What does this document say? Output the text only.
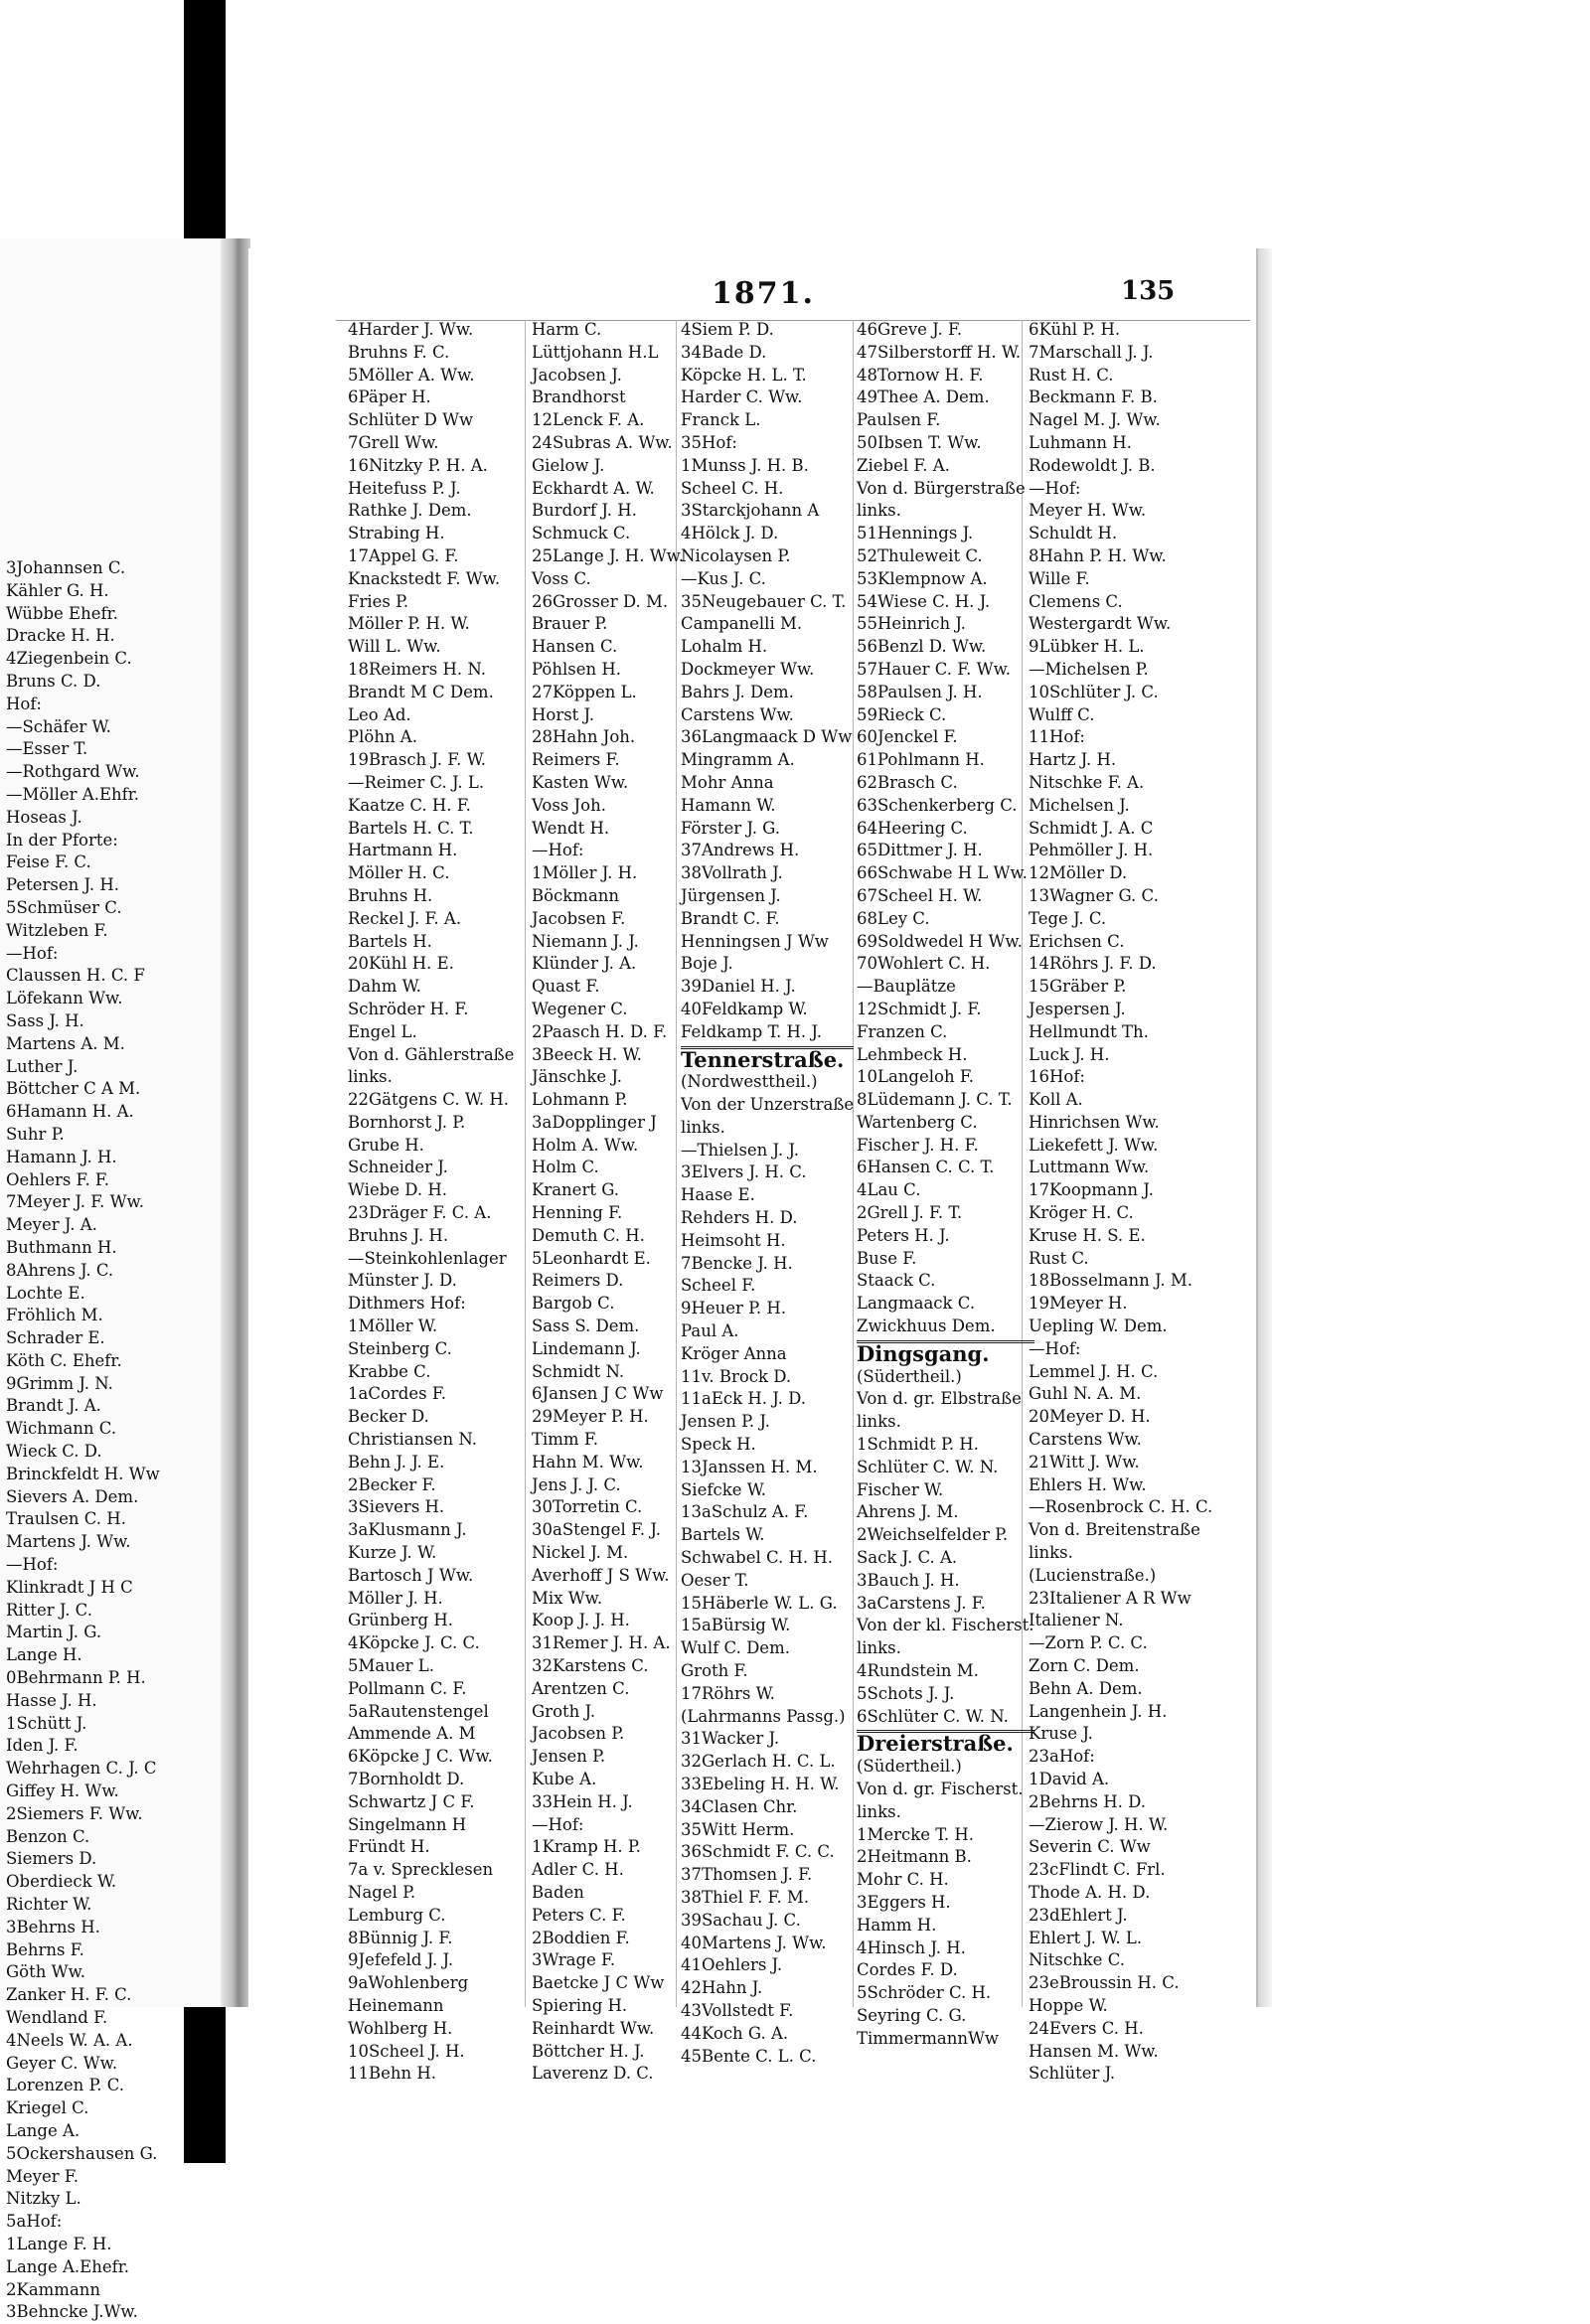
3Johannsen C.
Kähler G. H.
Wübbe Ehefr.
Dracke H. H.
4Ziegenbein C.
Bruns C. D.
Hof:
—Schäfer W.
—Esser T.
—Rothgard Ww.
—Möller A.Ehfr.
Hoseas J.
In der Pforte:
Feise F. C.
Petersen J. H.
5Schmüser C.
Witzleben F.
—Hof:
Claussen H. C. F
Löfekann Ww.
Sass J. H.
Martens A. M.
Luther J.
Böttcher C A M.
6Hamann H. A.
Suhr P.
Hamann J. H.
Oehlers F. F.
7Meyer J. F. Ww.
Meyer J. A.
Buthmann H.
8Ahrens J. C.
Lochte E.
Fröhlich M.
Schrader E.
Köth C. Ehefr.
9Grimm J. N.
Brandt J. A.
Wichmann C.
Wieck C. D.
Brinckfeldt H. Ww
Sievers A. Dem.
Traulsen C. H.
Martens J. Ww.
—Hof:
Klinkradt J H C
Ritter J. C.
Martin J. G.
Lange H.
0Behrmann P. H.
Hasse J. H.
1Schütt J.
Iden J. F.
Wehrhagen C. J. C
Giffey H. Ww.
2Siemers F. Ww.
Benzon C.
Siemers D.
Oberdieck W.
Richter W.
3Behrns H.
Behrns F.
Göth Ww.
Zanker H. F. C.
Wendland F.
4Neels W. A. A.
Geyer C. Ww.
Lorenzen P. C.
Kriegel C.
Lange A.
5Ockershausen G.
Meyer F.
Nitzky L.
5aHof:
1Lange F. H.
Lange A.Ehefr.
2Kammann
3Behncke J.Ww.
1871.	135
4Harder J. Ww.
Bruhns F. C.
5Möller A. Ww.
6Päper H.
Schlüter D Ww
7Grell Ww.
16Nitzky P. H. A.
Heitefuss P. J.
Rathke J. Dem.
Strabing H.
17Appel G. F.
Knackstedt F. Ww.
Fries P.
Möller P. H. W.
Will L. Ww.
18Reimers H. N.
Brandt M C Dem.
Leo Ad.
Plöhn A.
19Brasch J. F. W.
—Reimer C. J. L.
Kaatze C. H. F.
Bartels H. C. T.
Hartmann H.
Möller H. C.
Bruhns H.
Reckel J. F. A.
Bartels H.
20Kühl H. E.
Dahm W.
Schröder H. F.
Engel L.
Von d. Gählerstraße
links.
22Gätgens C. W. H.
Bornhorst J. P.
Grube H.
Schneider J.
Wiebe D. H.
23Dräger F. C. A.
Bruhns J. H.
—Steinkohlenlager
Münster J. D.
Dithmers Hof:
1Möller W.
Steinberg C.
Krabbe C.
1aCordes F.
Becker D.
Christiansen N.
Behn J. J. E.
2Becker F.
3Sievers H.
3aKlusmann J.
Kurze J. W.
Bartosch J Ww.
Möller J. H.
Grünberg H.
4Köpcke J. C. C.
5Mauer L.
Pollmann C. F.
5aRautenstengel
Ammende A. M
6Köpcke J C. Ww.
7Bornholdt D.
Schwartz J C F.
Singelmann H
Fründt H.
7a v. Sprecklesen
Nagel P.
Lemburg C.
8Bünnig J. F.
9Jefefeld J. J.
9aWohlenberg
Heinemann
Wohlberg H.
10Scheel J. H.
11Behn H.
Harm C.
Lüttjohann H.L
Jacobsen J.
Brandhorst
12Lenck F. A.
24Subras A. Ww.
Gielow J.
Eckhardt A. W.
Burdorf J. H.
Schmuck C.
25Lange J. H. Ww.
Voss C.
26Grosser D. M.
Brauer P.
Hansen C.
Pöhlsen H.
27Köppen L.
Horst J.
28Hahn Joh.
Reimers F.
Kasten Ww.
Voss Joh.
Wendt H.
—Hof:
1Möller J. H.
Böckmann
Jacobsen F.
Niemann J. J.
Klünder J. A.
Quast F.
Wegener C.
2Paasch H. D. F.
3Beeck H. W.
Jänschke J.
Lohmann P.
3aDopplinger J
Holm A. Ww.
Holm C.
Kranert G.
Henning F.
Demuth C. H.
5Leonhardt E.
Reimers D.
Bargob C.
Sass S. Dem.
Lindemann J.
Schmidt N.
6Jansen J C Ww
29Meyer P. H.
Timm F.
Hahn M. Ww.
Jens J. J. C.
30Torretin C.
30aStengel F. J.
Nickel J. M.
Averhoff J S Ww.
Mix Ww.
Koop J. J. H.
31Remer J. H. A.
32Karstens C.
Arentzen C.
Groth J.
Jacobsen P.
Jensen P.
Kube A.
33Hein H. J.
—Hof:
1Kramp H. P.
Adler C. H.
Baden
Peters C. F.
2Boddien F.
3Wrage F.
Baetcke J C Ww
Spiering H.
Reinhardt Ww.
Böttcher H. J.
Laverenz D. C.
4Siem P. D.
34Bade D.
Köpcke H. L. T.
Harder C. Ww.
Franck L.
35Hof:
1Munss J. H. B.
Scheel C. H.
3Starckjohann A
4Hölck J. D.
Nicolaysen P.
—Kus J. C.
35Neugebauer C. T.
Campanelli M.
Lohalm H.
Dockmeyer Ww.
Bahrs J. Dem.
Carstens Ww.
36Langmaack D Ww
Mingramm A.
Mohr Anna
Hamann W.
Förster J. G.
37Andrews H.
38Vollrath J.
Jürgensen J.
Brandt C. F.
Henningsen J Ww
Boje J.
39Daniel H. J.
40Feldkamp W.
Feldkamp T. H. J.
Tennerstraße.
(Nordwesttheil.)
Von der Unzerstraße
links.
—Thielsen J. J.
3Elvers J. H. C.
Haase E.
Rehders H. D.
Heimsoht H.
7Bencke J. H.
Scheel F.
9Heuer P. H.
Paul A.
Kröger Anna
11v. Brock D.
11aEck H. J. D.
Jensen P. J.
Speck H.
13Janssen H. M.
Siefcke W.
13aSchulz A. F.
Bartels W.
Schwabel C. H. H.
Oeser T.
15Häberle W. L. G.
15aBürsig W.
Wulf C. Dem.
Groth F.
17Röhrs W.
(Lahrmanns Passg.)
31Wacker J.
32Gerlach H. C. L.
33Ebeling H. H. W.
34Clasen Chr.
35Witt Herm.
36Schmidt F. C. C.
37Thomsen J. F.
38Thiel F. F. M.
39Sachau J. C.
40Martens J. Ww.
41Oehlers J.
42Hahn J.
43Vollstedt F.
44Koch G. A.
45Bente C. L. C.
46Greve J. F.
47Silberstorff H. W.
48Tornow H. F.
49Thee A. Dem.
Paulsen F.
50Ibsen T. Ww.
Ziebel F. A.
Von d. Bürgerstraße
links.
51Hennings J.
52Thuleweit C.
53Klempnow A.
54Wiese C. H. J.
55Heinrich J.
56Benzl D. Ww.
57Hauer C. F. Ww.
58Paulsen J. H.
59Rieck C.
60Jenckel F.
61Pohlmann H.
62Brasch C.
63Schenkerberg C.
64Heering C.
65Dittmer J. H.
66Schwabe H L Ww.
67Scheel H. W.
68Ley C.
69Soldwedel H Ww.
70Wohlert C. H.
—Bauplätze
12Schmidt J. F.
Franzen C.
Lehmbeck H.
10Langeloh F.
8Lüdemann J. C. T.
Wartenberg C.
Fischer J. H. F.
6Hansen C. C. T.
4Lau C.
2Grell J. F. T.
Peters H. J.
Buse F.
Staack C.
Langmaack C.
Zwickhuus Dem.
Dingsgang.
(Südertheil.)
Von d. gr. Elbstraße
links.
1Schmidt P. H.
Schlüter C. W. N.
Fischer W.
Ahrens J. M.
2Weichselfelder P.
Sack J. C. A.
3Bauch J. H.
3aCarstens J. F.
Von der kl. Fischerst.
links.
4Rundstein M.
5Schots J. J.
6Schlüter C. W. N.
Dreierstraße.
(Südertheil.)
Von d. gr. Fischerst.
links.
1Mercke T. H.
2Heitmann B.
Mohr C. H.
3Eggers H.
Hamm H.
4Hinsch J. H.
Cordes F. D.
5Schröder C. H.
Seyring C. G.
TimmermannWw
6Kühl P. H.
7Marschall J. J.
Rust H. C.
Beckmann F. B.
Nagel M. J. Ww.
Luhmann H.
Rodewoldt J. B.
—Hof:
Meyer H. Ww.
Schuldt H.
8Hahn P. H. Ww.
Wille F.
Clemens C.
Westergardt Ww.
9Lübker H. L.
—Michelsen P.
10Schlüter J. C.
Wulff C.
11Hof:
Hartz J. H.
Nitschke F. A.
Michelsen J.
Schmidt J. A. C
Pehmöller J. H.
12Möller D.
13Wagner G. C.
Tege J. C.
Erichsen C.
14Röhrs J. F. D.
15Gräber P.
Jespersen J.
Hellmundt Th.
Luck J. H.
16Hof:
Koll A.
Hinrichsen Ww.
Liekefett J. Ww.
Luttmann Ww.
17Koopmann J.
Kröger H. C.
Kruse H. S. E.
Rust C.
18Bosselmann J. M.
19Meyer H.
Uepling W. Dem.
—Hof:
Lemmel J. H. C.
Guhl N. A. M.
20Meyer D. H.
Carstens Ww.
21Witt J. Ww.
Ehlers H. Ww.
—Rosenbrock C. H. C.
Von d. Breitenstraße
links.
(Lucienstraße.)
23Italiener A R Ww
Italiener N.
—Zorn P. C. C.
Zorn C. Dem.
Behn A. Dem.
Langenhein J. H.
Kruse J.
23aHof:
1David A.
2Behrns H. D.
—Zierow J. H. W.
Severin C. Ww
23cFlindt C. Frl.
Thode A. H. D.
23dEhlert J.
Ehlert J. W. L.
Nitschke C.
23eBroussin H. C.
Hoppe W.
24Evers C. H.
Hansen M. Ww.
Schlüter J.
